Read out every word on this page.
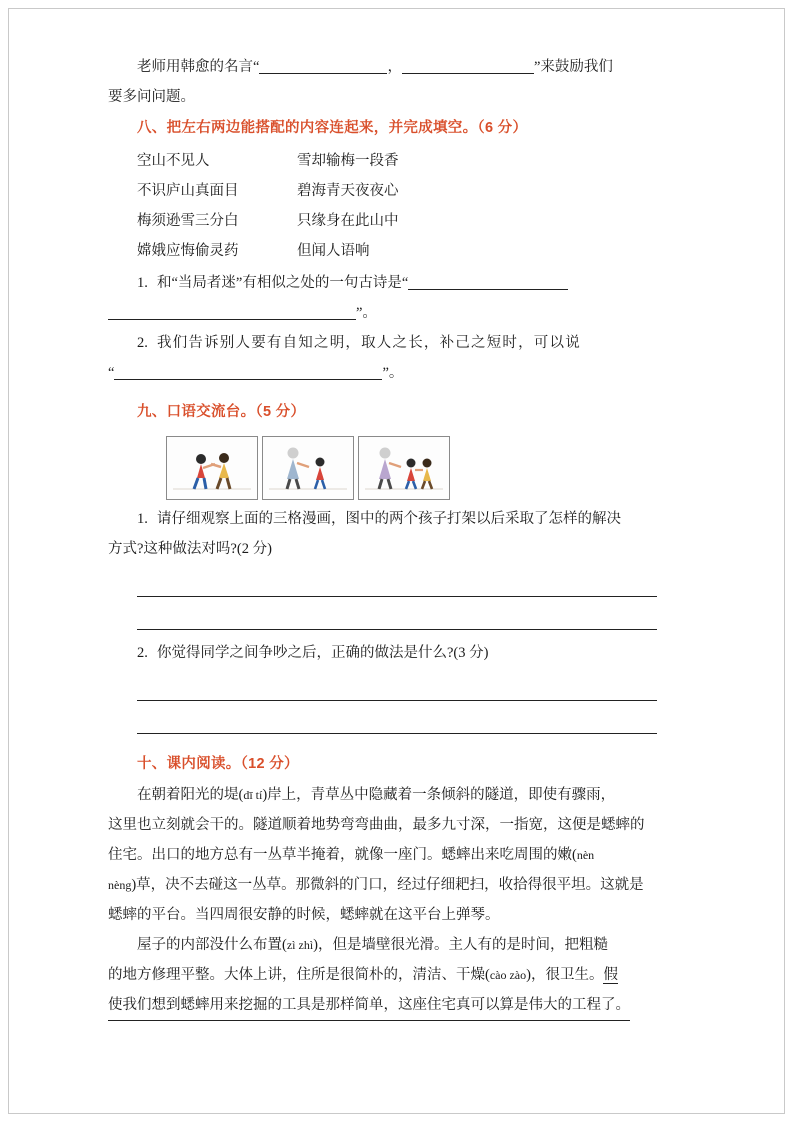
老师用韩愈的名言“	，	”来鼓励我们
要多问问题。
八、把左右两边能搭配的内容连起来，并完成填空。（6 分）
空山不见人	雪却输梅一段香
不识庐山真面目	碧海青天夜夜心
梅须逊雪三分白	只缘身在此山中
嫦娥应悔偷灵药	但闻人语响
1. 和“当局者迷”有相似之处的一句古诗是“
”。
2. 我们告诉别人要有自知之明，取人之长，补己之短时，可以说
“	”。
九、口语交流台。（5 分）
1. 请仔细观察上面的三格漫画，图中的两个孩子打架以后采取了怎样的解决
方式?这种做法对吗?(2 分)
2. 你觉得同学之间争吵之后，正确的做法是什么?(3 分)
十、课内阅读。（12 分）

在朝着阳光的堤(dī tí)岸上，青草丛中隐藏着一条倾斜的隧道，即使有骤雨，

这里也立刻就会干的。隧道顺着地势弯弯曲曲，最多九寸深，一指宽，这便是蟋蟀的

住宅。出口的地方总有一丛草半掩着，就像一座门。蟋蟀出来吃周围的嫩(nèn

nèng)草，决不去碰这一丛草。那微斜的门口，经过仔细耙扫，收拾得很平坦。这就是

蟋蟀的平台。当四周很安静的时候，蟋蟀就在这平台上弹琴。

屋子的内部没什么布置(zì zhì)，但是墙壁很光滑。主人有的是时间，把粗糙

的地方修理平整。大体上讲，住所是很简朴的，清洁、干燥(cào zào)，很卫生。假

使我们想到蟋蟀用来挖掘的工具是那样简单，这座住宅真可以算是伟大的工程了。
